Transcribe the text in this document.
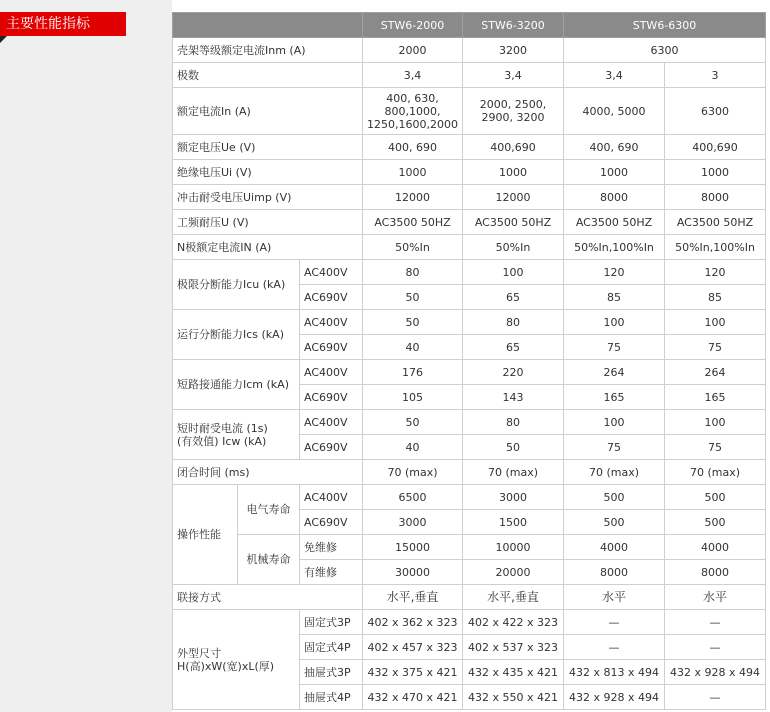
主要性能指标
			STW6-2000	STW6-3200	STW6-6300	
壳架等级额定电流Inm (A)			2000	3200	6300	
极数			3,4	3,4	3,4	3
额定电流In (A)			400, 630,
800,1000,
1250,1600,2000	2000, 2500,
2900, 3200	4000, 5000	6300
额定电压Ue (V)			400, 690	400,690	400, 690	400,690
绝缘电压Ui (V)			1000	1000	1000	1000
冲击耐受电压Uimp (V)			12000	12000	8000	8000
工频耐压U (V)			AC3500 50HZ	AC3500 50HZ	AC3500 50HZ	AC3500 50HZ
N极额定电流IN (A)			50%In	50%In	50%In,100%In	50%In,100%In
极限分断能力Icu (kA)		AC400V	80	100	120	120
		AC690V	50	65	85	85
运行分断能力Ics (kA)		AC400V	50	80	100	100
		AC690V	40	65	75	75
短路接通能力Icm (kA)		AC400V	176	220	264	264
		AC690V	105	143	165	165
短时耐受电流 (1s)
(有效值) Icw (kA)		AC400V	50	80	100	100
		AC690V	40	50	75	75
闭合时间 (ms)			70 (max)	70 (max)	70 (max)	70 (max)
操作性能	电气寿命	AC400V	6500	3000	500	500
		AC690V	3000	1500	500	500
	机械寿命	免维修	15000	10000	4000	4000
		有维修	30000	20000	8000	8000
联接方式			水平,垂直	水平,垂直	水平	水平
外型尺寸
H(高)xW(宽)xL(厚)		固定式3P	402 x 362 x 323	402 x 422 x 323	—	—
		固定式4P	402 x 457 x 323	402 x 537 x 323	—	—
		抽屉式3P	432 x 375 x 421	432 x 435 x 421	432 x 813 x 494	432 x 928 x 494
		抽屉式4P	432 x 470 x 421	432 x 550 x 421	432 x 928 x 494	—
